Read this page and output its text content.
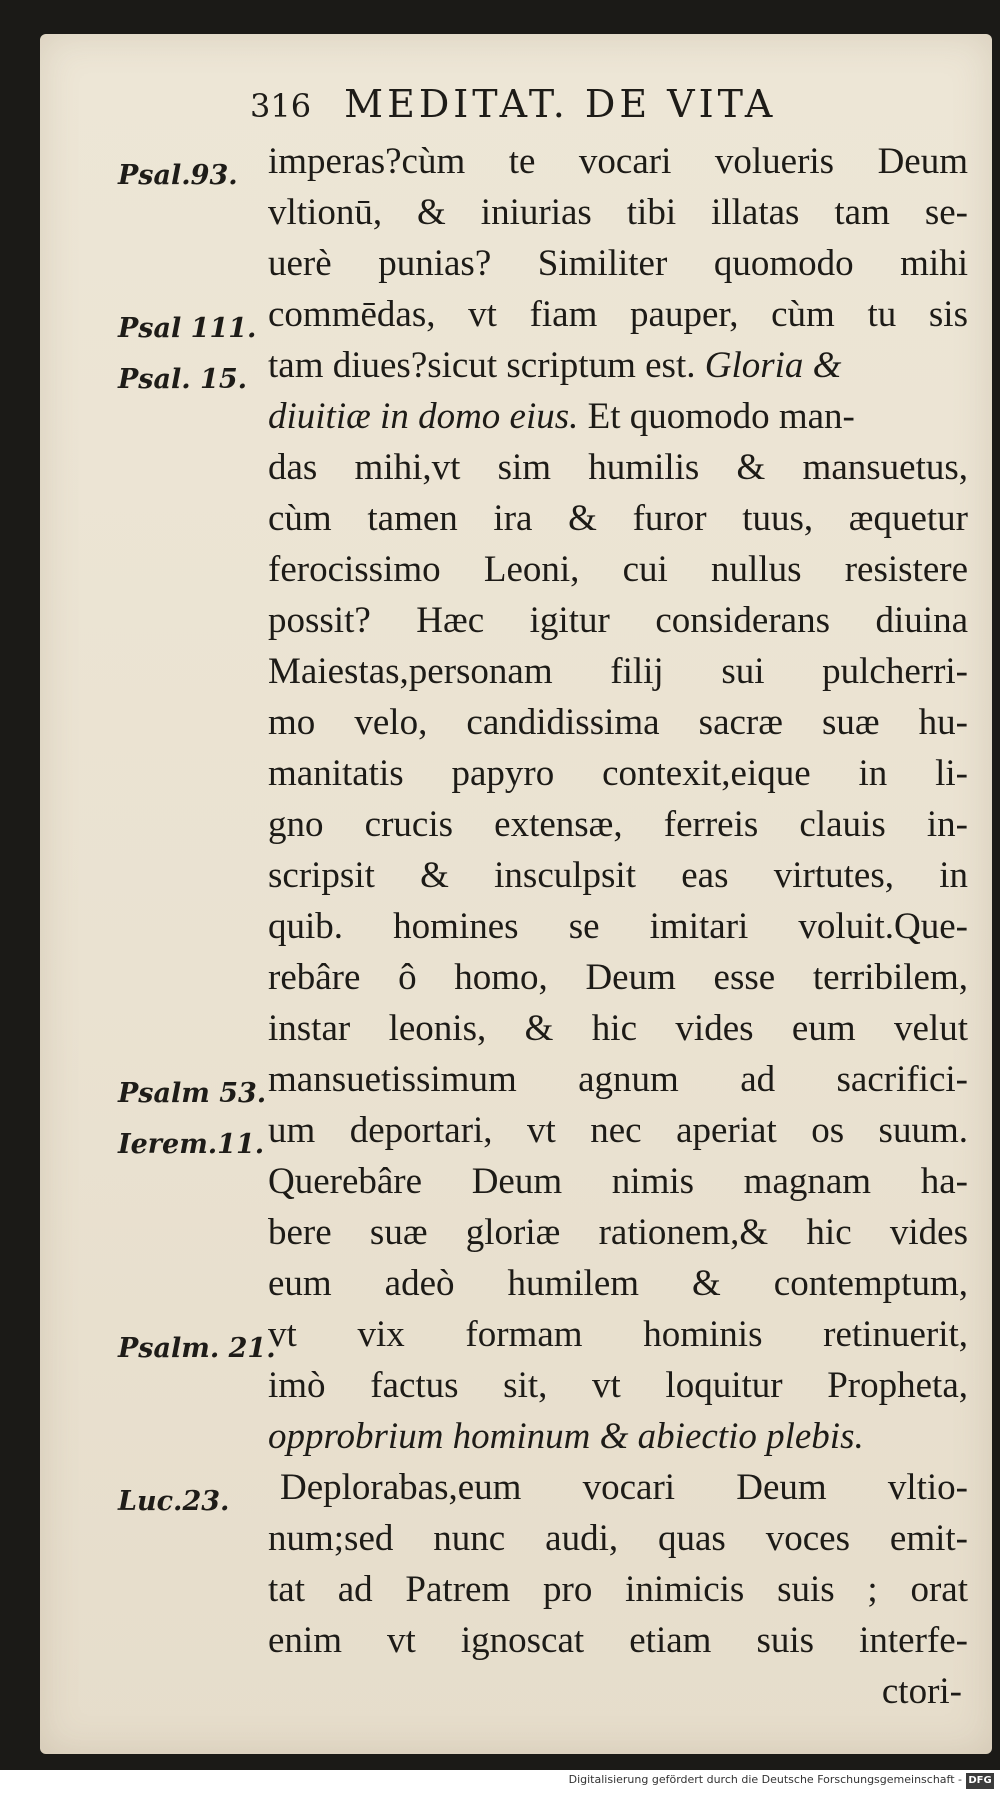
316 MEDITAT. DE VITA
Psal.93.
Psal 111.
Psal. 15.
Psalm 53.
Ierem.11.
Psalm. 21.
Luc.23.
imperas?cùm te vocari volueris Deum
vltionū, & iniurias tibi illatas tam se-
uerè punias? Similiter quomodo mihi
commēdas, vt fiam pauper, cùm tu sis
tam diues?sicut scriptum est. Gloria &
diuitiæ in domo eius. Et quomodo man-
das mihi,vt sim humilis & mansuetus,
cùm tamen ira & furor tuus, æquetur
ferocissimo Leoni, cui nullus resistere
possit? Hæc igitur considerans diuina
Maiestas,personam filij sui pulcherri-
mo velo, candidissima sacræ suæ hu-
manitatis papyro contexit,eique in li-
gno crucis extensæ, ferreis clauis in-
scripsit & insculpsit eas virtutes, in
quib. homines se imitari voluit.Que-
rebâre ô homo, Deum esse terribilem,
instar leonis, & hic vides eum velut
mansuetissimum agnum ad sacrifici-
um deportari, vt nec aperiat os suum.
Querebâre Deum nimis magnam ha-
bere suæ gloriæ rationem,& hic vides
eum adeò humilem & contemptum,
vt vix formam hominis retinuerit,
imò factus sit, vt loquitur Propheta,
opprobrium hominum & abiectio plebis.
Deplorabas,eum vocari Deum vltio-
num;sed nunc audi, quas voces emit-
tat ad Patrem pro inimicis suis ; orat
enim vt ignoscat etiam suis interfe-
ctori-
Digitalisierung gefördert durch die Deutsche Forschungsgemeinschaft - DFG
